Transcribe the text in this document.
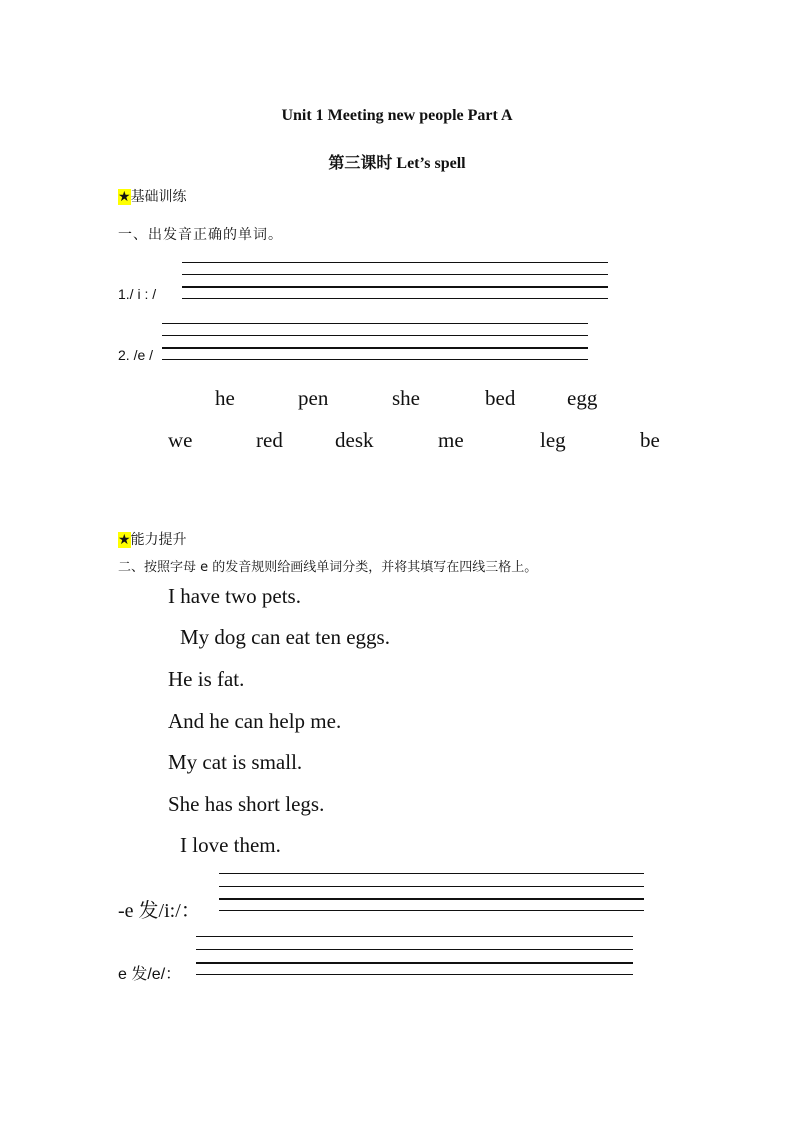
Unit 1 Meeting new people Part A
第三课时 Let’s spell
★基础训练
一、出发音正确的单词。
1./ i : /
2. /e /
he	pen	she	bed egg
we	red desk	me	leg	be
★能力提升
二、按照字母 e 的发音规则给画线单词分类，并将其填写在四线三格上。
I have two pets.
My dog can eat ten eggs.
He is fat.
And he can help me.
My cat is small.
She has short legs.
I love them.
-e 发/i:/：
e 发/e/：
